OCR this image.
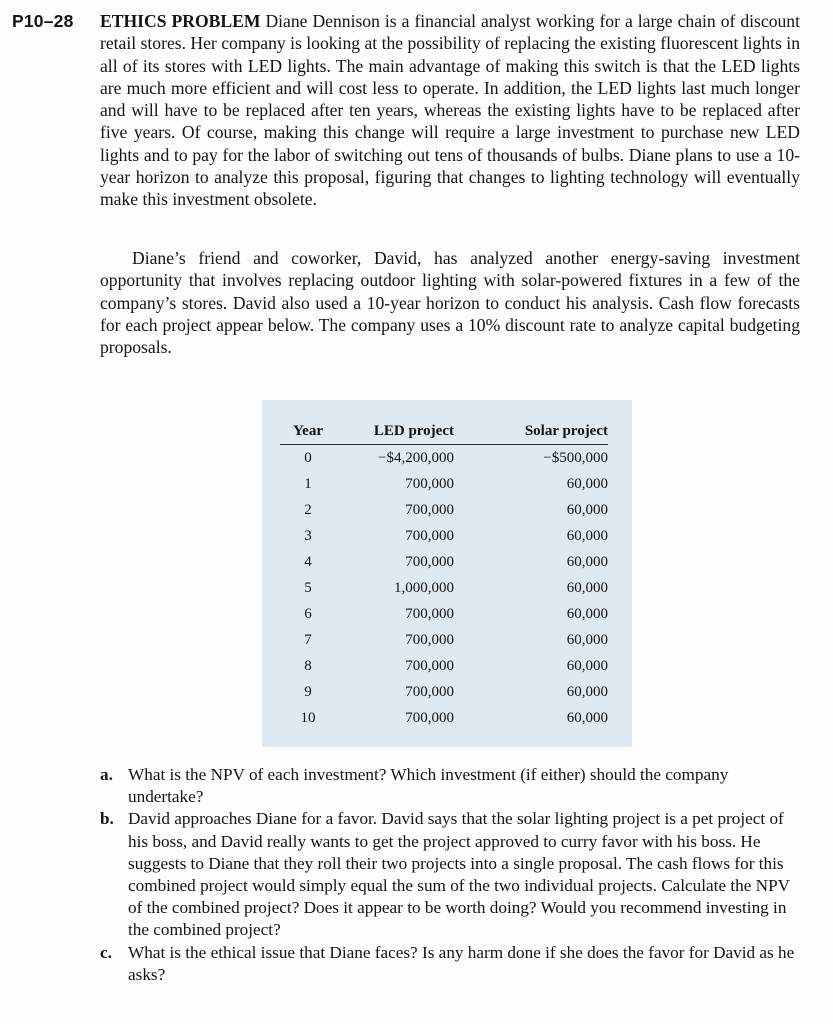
P10–28	ETHICS PROBLEM Diane Dennison is a financial analyst working for a large chain of discount retail stores. Her company is looking at the possibility of replacing the existing fluorescent lights in all of its stores with LED lights. The main advantage of making this switch is that the LED lights are much more efficient and will cost less to operate. In addition, the LED lights last much longer and will have to be replaced after ten years, whereas the existing lights have to be replaced after five years. Of course, making this change will require a large investment to purchase new LED lights and to pay for the labor of switching out tens of thousands of bulbs. Diane plans to use a 10-year horizon to analyze this proposal, figuring that changes to lighting technology will eventually make this investment obsolete.

Diane’s friend and coworker, David, has analyzed another energy-saving investment opportunity that involves replacing outdoor lighting with solar-powered fixtures in a few of the company’s stores. David also used a 10-year horizon to conduct his analysis. Cash flow forecasts for each project appear below. The company uses a 10% discount rate to analyze capital budgeting proposals.

Year	LED project	Solar project
0	−$4,200,000	−$500,000
1	700,000	60,000
2	700,000	60,000
3	700,000	60,000
4	700,000	60,000
5	1,000,000	60,000
6	700,000	60,000
7	700,000	60,000
8	700,000	60,000
9	700,000	60,000
10	700,000	60,000
a. What is the NPV of each investment? Which investment (if either) should the company undertake?
b. David approaches Diane for a favor. David says that the solar lighting project is a pet project of his boss, and David really wants to get the project approved to curry favor with his boss. He suggests to Diane that they roll their two projects into a single proposal. The cash flows for this combined project would simply equal the sum of the two individual projects. Calculate the NPV of the combined project? Does it appear to be worth doing? Would you recommend investing in the combined project?
c. What is the ethical issue that Diane faces? Is any harm done if she does the favor for David as he asks?
